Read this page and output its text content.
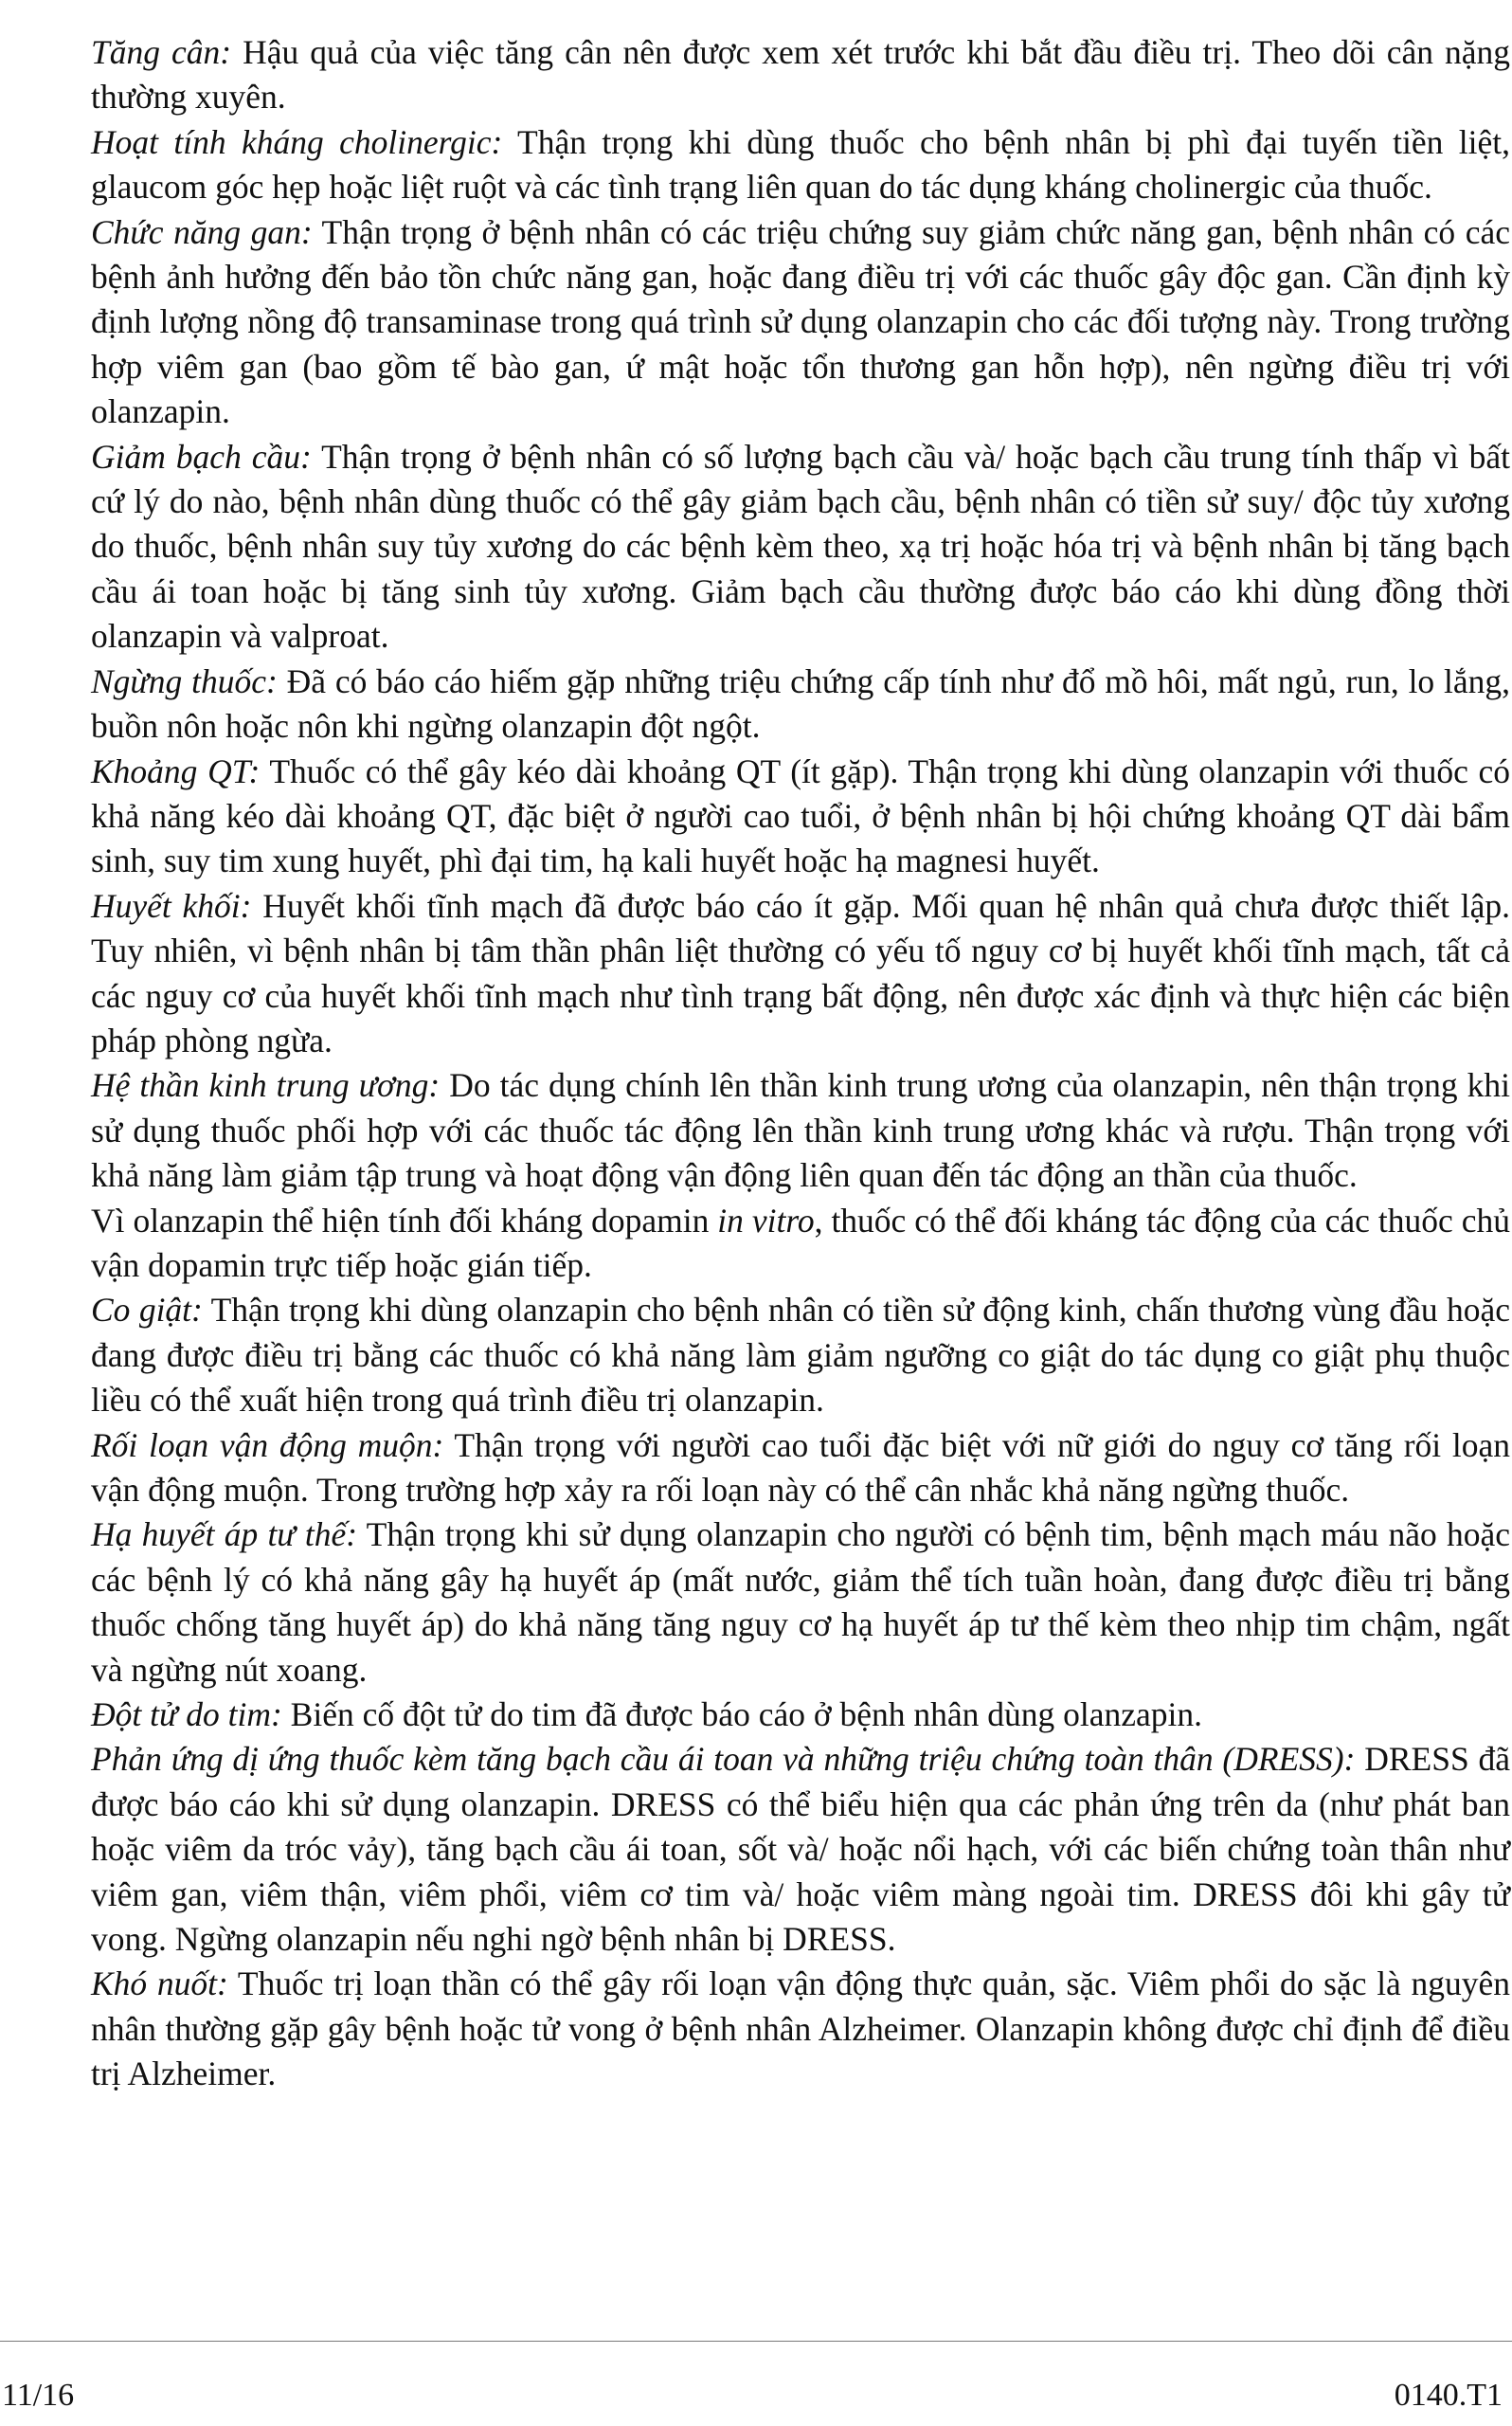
Tăng cân: Hậu quả của việc tăng cân nên được xem xét trước khi bắt đầu điều trị. Theo dõi cân nặng thường xuyên.

Hoạt tính kháng cholinergic: Thận trọng khi dùng thuốc cho bệnh nhân bị phì đại tuyến tiền liệt, glaucom góc hẹp hoặc liệt ruột và các tình trạng liên quan do tác dụng kháng cholinergic của thuốc.

Chức năng gan: Thận trọng ở bệnh nhân có các triệu chứng suy giảm chức năng gan, bệnh nhân có các bệnh ảnh hưởng đến bảo tồn chức năng gan, hoặc đang điều trị với các thuốc gây độc gan. Cần định kỳ định lượng nồng độ transaminase trong quá trình sử dụng olanzapin cho các đối tượng này. Trong trường hợp viêm gan (bao gồm tế bào gan, ứ mật hoặc tổn thương gan hỗn hợp), nên ngừng điều trị với olanzapin.

Giảm bạch cầu: Thận trọng ở bệnh nhân có số lượng bạch cầu và/ hoặc bạch cầu trung tính thấp vì bất cứ lý do nào, bệnh nhân dùng thuốc có thể gây giảm bạch cầu, bệnh nhân có tiền sử suy/ độc tủy xương do thuốc, bệnh nhân suy tủy xương do các bệnh kèm theo, xạ trị hoặc hóa trị và bệnh nhân bị tăng bạch cầu ái toan hoặc bị tăng sinh tủy xương. Giảm bạch cầu thường được báo cáo khi dùng đồng thời olanzapin và valproat.

Ngừng thuốc: Đã có báo cáo hiếm gặp những triệu chứng cấp tính như đổ mồ hôi, mất ngủ, run, lo lắng, buồn nôn hoặc nôn khi ngừng olanzapin đột ngột.

Khoảng QT: Thuốc có thể gây kéo dài khoảng QT (ít gặp). Thận trọng khi dùng olanzapin với thuốc có khả năng kéo dài khoảng QT, đặc biệt ở người cao tuổi, ở bệnh nhân bị hội chứng khoảng QT dài bẩm sinh, suy tim xung huyết, phì đại tim, hạ kali huyết hoặc hạ magnesi huyết.

Huyết khối: Huyết khối tĩnh mạch đã được báo cáo ít gặp. Mối quan hệ nhân quả chưa được thiết lập. Tuy nhiên, vì bệnh nhân bị tâm thần phân liệt thường có yếu tố nguy cơ bị huyết khối tĩnh mạch, tất cả các nguy cơ của huyết khối tĩnh mạch như tình trạng bất động, nên được xác định và thực hiện các biện pháp phòng ngừa.

Hệ thần kinh trung ương: Do tác dụng chính lên thần kinh trung ương của olanzapin, nên thận trọng khi sử dụng thuốc phối hợp với các thuốc tác động lên thần kinh trung ương khác và rượu. Thận trọng với khả năng làm giảm tập trung và hoạt động vận động liên quan đến tác động an thần của thuốc.

Vì olanzapin thể hiện tính đối kháng dopamin in vitro, thuốc có thể đối kháng tác động của các thuốc chủ vận dopamin trực tiếp hoặc gián tiếp.

Co giật: Thận trọng khi dùng olanzapin cho bệnh nhân có tiền sử động kinh, chấn thương vùng đầu hoặc đang được điều trị bằng các thuốc có khả năng làm giảm ngưỡng co giật do tác dụng co giật phụ thuộc liều có thể xuất hiện trong quá trình điều trị olanzapin.

Rối loạn vận động muộn: Thận trọng với người cao tuổi đặc biệt với nữ giới do nguy cơ tăng rối loạn vận động muộn. Trong trường hợp xảy ra rối loạn này có thể cân nhắc khả năng ngừng thuốc.

Hạ huyết áp tư thế: Thận trọng khi sử dụng olanzapin cho người có bệnh tim, bệnh mạch máu não hoặc các bệnh lý có khả năng gây hạ huyết áp (mất nước, giảm thể tích tuần hoàn, đang được điều trị bằng thuốc chống tăng huyết áp) do khả năng tăng nguy cơ hạ huyết áp tư thế kèm theo nhịp tim chậm, ngất và ngừng nút xoang.

Đột tử do tim: Biến cố đột tử do tim đã được báo cáo ở bệnh nhân dùng olanzapin.

Phản ứng dị ứng thuốc kèm tăng bạch cầu ái toan và những triệu chứng toàn thân (DRESS): DRESS đã được báo cáo khi sử dụng olanzapin. DRESS có thể biểu hiện qua các phản ứng trên da (như phát ban hoặc viêm da tróc vảy), tăng bạch cầu ái toan, sốt và/ hoặc nổi hạch, với các biến chứng toàn thân như viêm gan, viêm thận, viêm phổi, viêm cơ tim và/ hoặc viêm màng ngoài tim. DRESS đôi khi gây tử vong. Ngừng olanzapin nếu nghi ngờ bệnh nhân bị DRESS.

Khó nuốt: Thuốc trị loạn thần có thể gây rối loạn vận động thực quản, sặc. Viêm phổi do sặc là nguyên nhân thường gặp gây bệnh hoặc tử vong ở bệnh nhân Alzheimer. Olanzapin không được chỉ định để điều trị Alzheimer.

11/16	0140.T1
